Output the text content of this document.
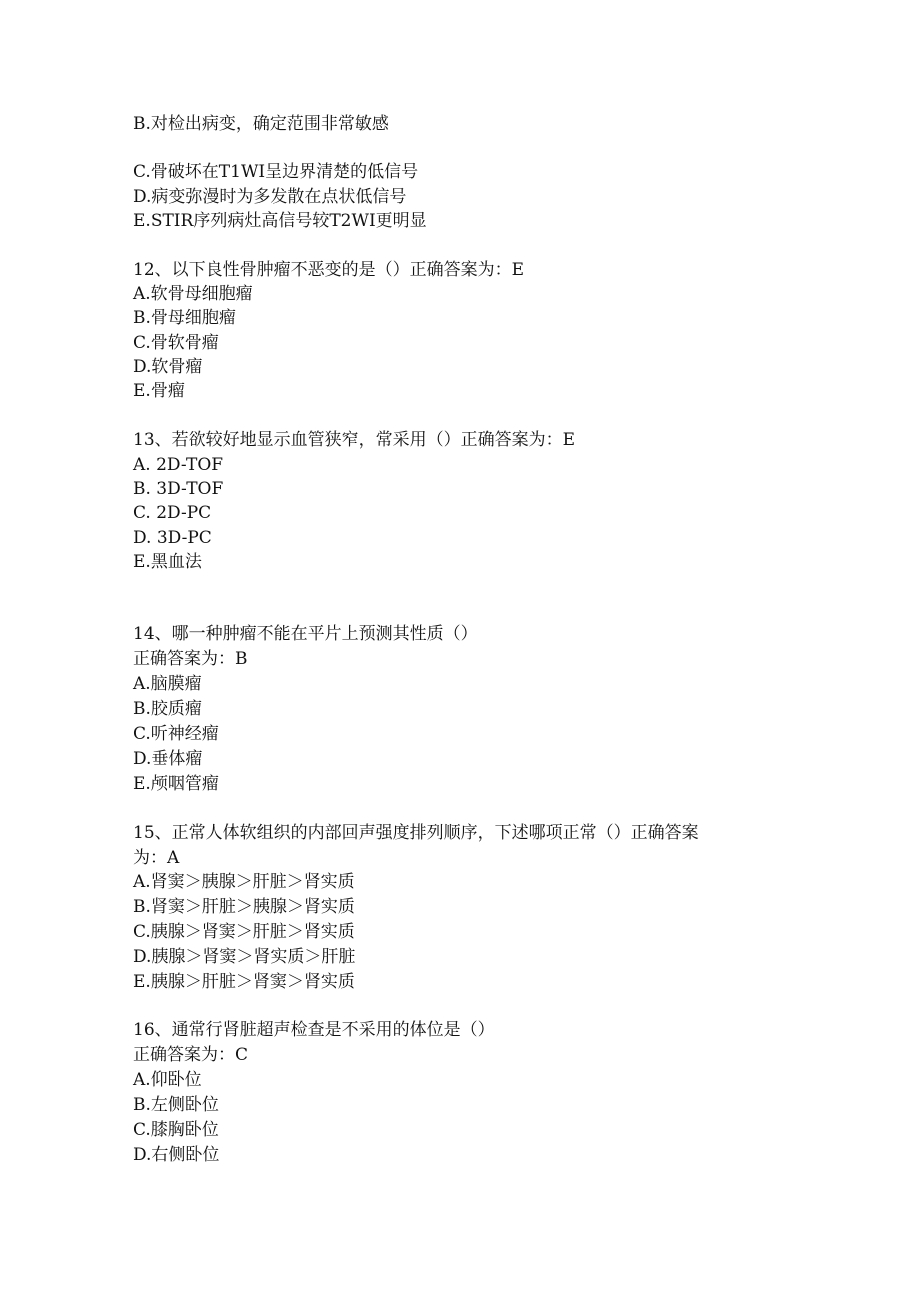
B.对检出病变，确定范围非常敏感
C.骨破坏在T1WI呈边界清楚的低信号
D.病变弥漫时为多发散在点状低信号
E.STIR序列病灶高信号较T2WI更明显
12、以下良性骨肿瘤不恶变的是（）正确答案为：E
A.软骨母细胞瘤
B.骨母细胞瘤
C.骨软骨瘤
D.软骨瘤
E.骨瘤
13、若欲较好地显示血管狭窄，常采用（）正确答案为：E
A. 2D-TOF
B. 3D-TOF
C. 2D-PC
D. 3D-PC
E.黑血法
14、哪一种肿瘤不能在平片上预测其性质（）
正确答案为：B
A.脑膜瘤
B.胶质瘤
C.听神经瘤
D.垂体瘤
E.颅咽管瘤
15、正常人体软组织的内部回声强度排列顺序，下述哪项正常（）正确答案
为：A
A.肾窦＞胰腺＞肝脏＞肾实质
B.肾窦＞肝脏＞胰腺＞肾实质
C.胰腺＞肾窦＞肝脏＞肾实质
D.胰腺＞肾窦＞肾实质＞肝脏
E.胰腺＞肝脏＞肾窦＞肾实质
16、通常行肾脏超声检查是不采用的体位是（）
正确答案为：C
A.仰卧位
B.左侧卧位
C.膝胸卧位
D.右侧卧位
